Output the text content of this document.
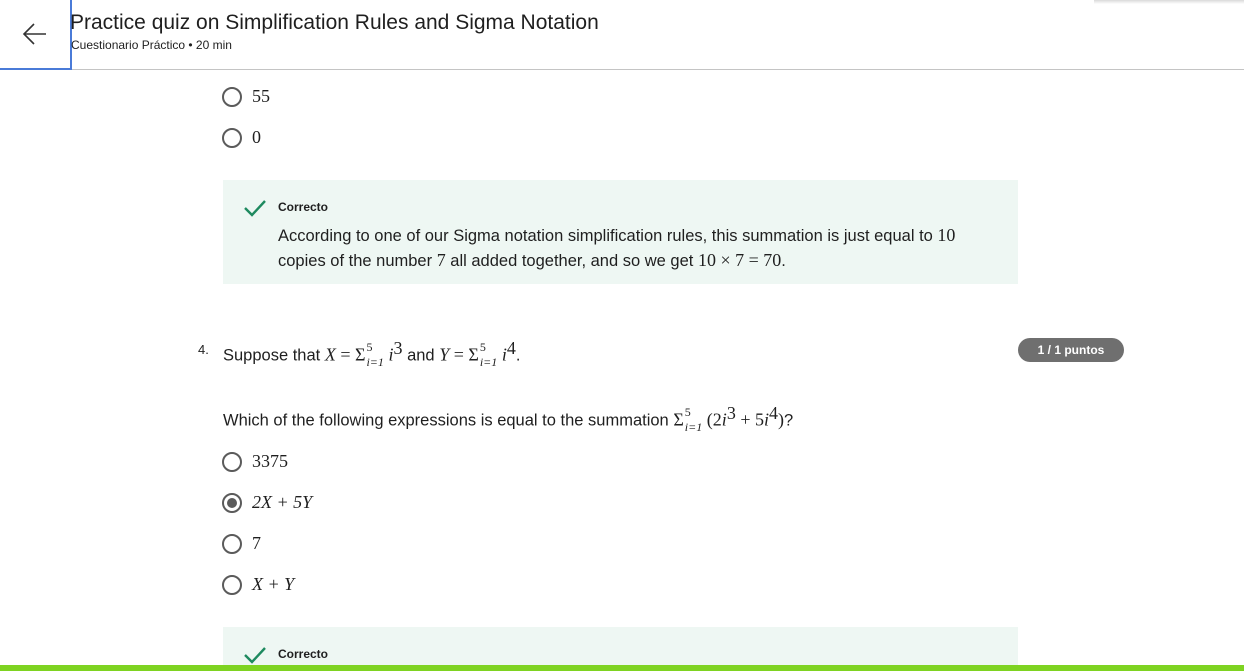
Practice quiz on Simplification Rules and Sigma Notation
Cuestionario Práctico • 20 min
55
0
Correcto
According to one of our Sigma notation simplification rules, this summation is just equal to 10 copies of the number 7 all added together, and so we get 10 × 7 = 70.
4. Suppose that X = Σ 5
i=1 $i^3$ and Y = Σ 5
i=1 $i^4$.	1 / 1 puntos
Which of the following expressions is equal to the summation Σ 5
i=1 $(2i^3 + 5i^4)$?
3375
2X + 5Y
7
X + Y
Correcto
